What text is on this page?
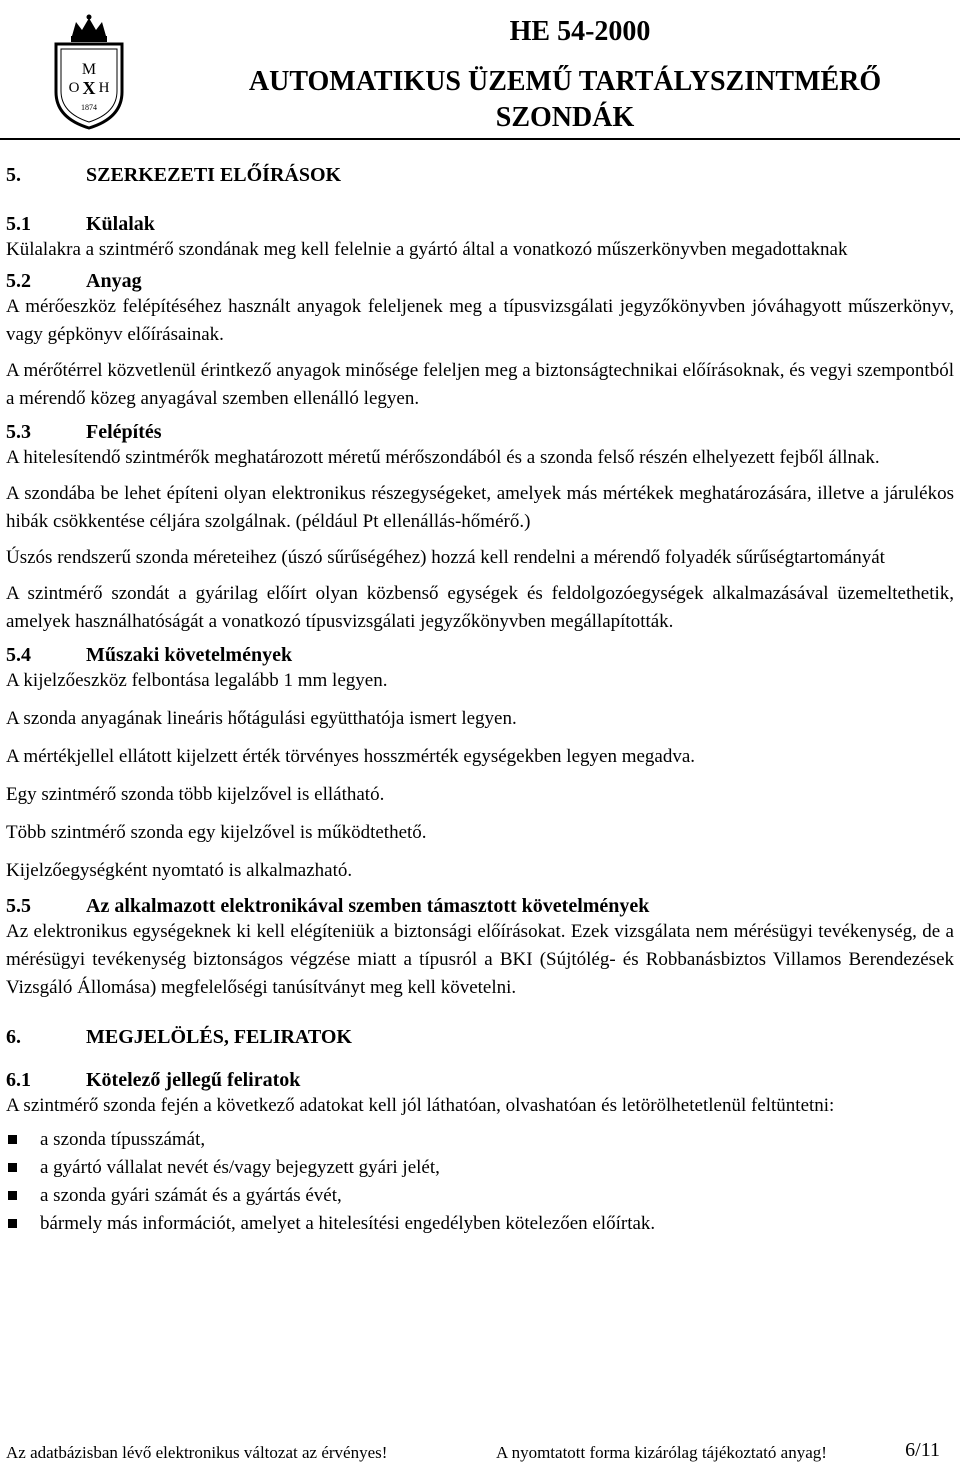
M
O X H
1874
HE 54-2000
AUTOMATIKUS ÜZEMŰ TARTÁLYSZINTMÉRŐ
SZONDÁK
5.	SZERKEZETI ELŐÍRÁSOK
5.1	Külalak

Külalakra a szintmérő szondának meg kell felelnie a gyártó által a vonatkozó műszerkönyvben megadottaknak

5.2	Anyag

A mérőeszköz felépítéséhez használt anyagok feleljenek meg a típusvizsgálati jegyzőkönyvben jóváhagyott műszerkönyv, vagy gépkönyv előírásainak.

A mérőtérrel közvetlenül érintkező anyagok minősége feleljen meg a biztonságtechnikai előírásoknak, és vegyi szempontból a mérendő közeg anyagával szemben ellenálló legyen.

5.3	Felépítés

A hitelesítendő szintmérők meghatározott méretű mérőszondából és a szonda felső részén elhelyezett fejből állnak.

A szondába be lehet építeni olyan elektronikus részegységeket, amelyek más mértékek meghatározására, illetve a járulékos hibák csökkentése céljára szolgálnak. (például Pt ellenállás-hőmérő.)

Úszós rendszerű szonda méreteihez (úszó sűrűségéhez) hozzá kell rendelni a mérendő folyadék sűrűségtartományát

A szintmérő szondát a gyárilag előírt olyan közbenső egységek és feldolgozóegységek alkalmazásával üzemeltethetik, amelyek használhatóságát a vonatkozó típusvizsgálati jegyzőkönyvben megállapították.

5.4	Műszaki követelmények

A kijelzőeszköz felbontása legalább 1 mm legyen.

A szonda anyagának lineáris hőtágulási együtthatója ismert legyen.

A mértékjellel ellátott kijelzett érték törvényes hosszmérték egységekben legyen megadva.

Egy szintmérő szonda több kijelzővel is ellátható.

Több szintmérő szonda egy kijelzővel is működtethető.

Kijelzőegységként nyomtató is alkalmazható.

5.5	Az alkalmazott elektronikával szemben támasztott követelmények

Az elektronikus egységeknek ki kell elégíteniük a biztonsági előírásokat. Ezek vizsgálata nem mérésügyi tevékenység, de a mérésügyi tevékenység biztonságos végzése miatt a típusról a BKI (Sújtólég- és Robbanásbiztos Villamos Berendezések Vizsgáló Állomása) megfelelőségi tanúsítványt meg kell követelni.

6.	MEGJELÖLÉS, FELIRATOK
6.1	Kötelező jellegű feliratok

A szintmérő szonda fején a következő adatokat kell jól láthatóan, olvashatóan és letörölhetetlenül feltüntetni:

a szonda típusszámát,
a gyártó vállalat nevét és/vagy bejegyzett gyári jelét,
a szonda gyári számát és a gyártás évét,
bármely más információt, amelyet a hitelesítési engedélyben kötelezően előírtak.
Az adatbázisban lévő elektronikus változat az érvényes!	A nyomtatott forma kizárólag tájékoztató anyag!	6/11
